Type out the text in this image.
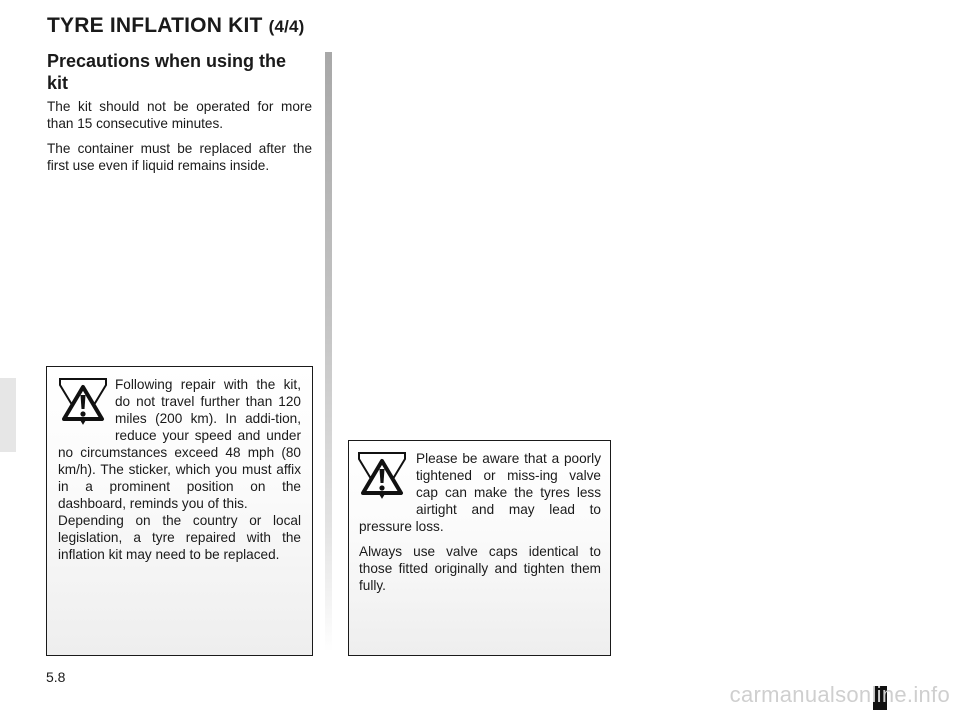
TYRE INFLATION KIT (4/4)
Precautions when using the kit

The kit should not be operated for more than 15 consecutive minutes.

The container must be replaced after the first use even if liquid remains inside.

Following repair with the kit, do not travel further than 120 miles (200 km). In addi-tion, reduce your speed and under no circumstances exceed 48 mph (80 km/h). The sticker, which you must affix in a prominent position on the dashboard, reminds you of this.

Depending on the country or local legislation, a tyre repaired with the inflation kit may need to be replaced.

Please be aware that a poorly tightened or miss-ing valve cap can make the tyres less airtight and may lead to pressure loss.

Always use valve caps identical to those fitted originally and tighten them fully.

5.8
carmanualsonline.info
